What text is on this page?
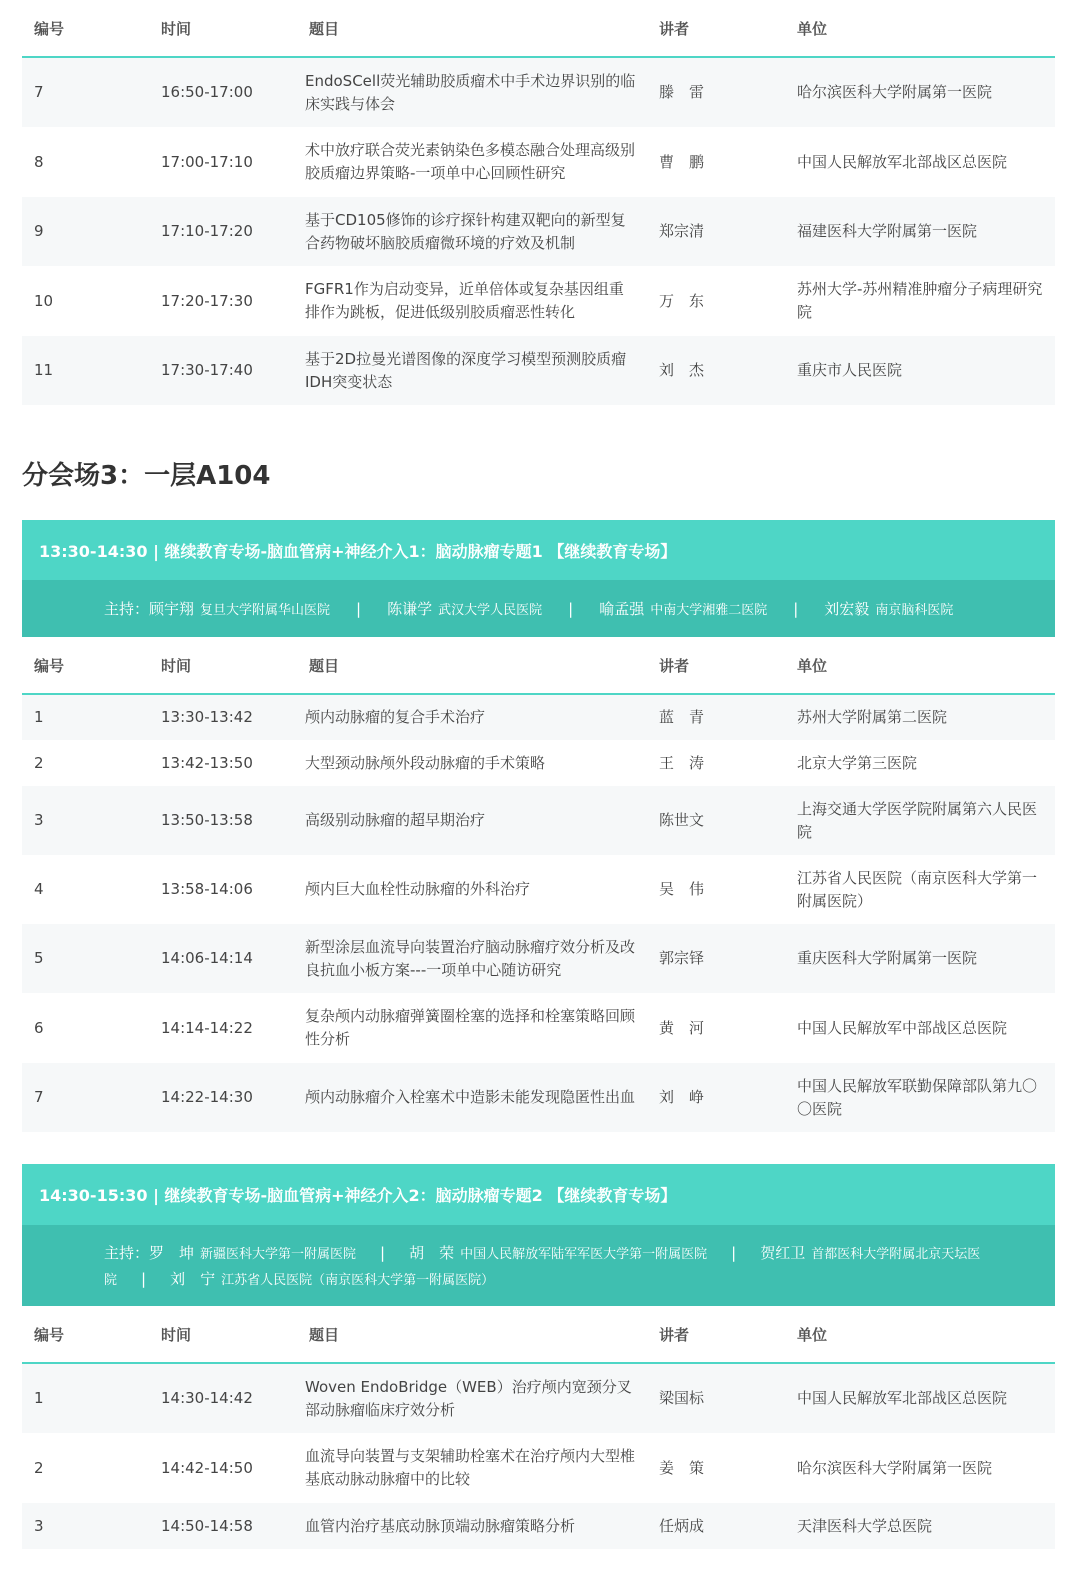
编号	时间	题目	讲者	单位
7	16:50-17:00	EndoSCell荧光辅助胶质瘤术中手术边界识别的临床实践与体会	滕　雷	哈尔滨医科大学附属第一医院
8	17:00-17:10	术中放疗联合荧光素钠染色多模态融合处理高级别胶质瘤边界策略-一项单中心回顾性研究	曹　鹏	中国人民解放军北部战区总医院
9	17:10-17:20	基于CD105修饰的诊疗探针构建双靶向的新型复合药物破坏脑胶质瘤微环境的疗效及机制	郑宗清	福建医科大学附属第一医院
10	17:20-17:30	FGFR1作为启动变异，近单倍体或复杂基因组重排作为跳板，促进低级别胶质瘤恶性转化	万　东	苏州大学-苏州精准肿瘤分子病理研究院
11	17:30-17:40	基于2D拉曼光谱图像的深度学习模型预测胶质瘤IDH突变状态	刘　杰	重庆市人民医院
分会场3：一层A104
13:30-14:30 | 继续教育专场-脑血管病+神经介入1：脑动脉瘤专题1 【继续教育专场】
主持： 顾宇翔 复旦大学附属华山医院 | 陈谦学 武汉大学人民医院 | 喻孟强 中南大学湘雅二医院 | 刘宏毅 南京脑科医院
编号	时间	题目	讲者	单位
1	13:30-13:42	颅内动脉瘤的复合手术治疗	蓝　青	苏州大学附属第二医院
2	13:42-13:50	大型颈动脉颅外段动脉瘤的手术策略	王　涛	北京大学第三医院
3	13:50-13:58	高级别动脉瘤的超早期治疗	陈世文	上海交通大学医学院附属第六人民医院
4	13:58-14:06	颅内巨大血栓性动脉瘤的外科治疗	吴　伟	江苏省人民医院（南京医科大学第一附属医院）
5	14:06-14:14	新型涂层血流导向装置治疗脑动脉瘤疗效分析及改良抗血小板方案---一项单中心随访研究	郭宗铎	重庆医科大学附属第一医院
6	14:14-14:22	复杂颅内动脉瘤弹簧圈栓塞的选择和栓塞策略回顾性分析	黄　河	中国人民解放军中部战区总医院
7	14:22-14:30	颅内动脉瘤介入栓塞术中造影未能发现隐匿性出血	刘　峥	中国人民解放军联勤保障部队第九〇〇医院
14:30-15:30 | 继续教育专场-脑血管病+神经介入2：脑动脉瘤专题2 【继续教育专场】
主持：罗　坤 新疆医科大学第一附属医院 | 胡　荣 中国人民解放军陆军军医大学第一附属医院 | 贺红卫 首都医科大学附属北京天坛医院 | 刘　宁 江苏省人民医院（南京医科大学第一附属医院）
编号	时间	题目	讲者	单位
1	14:30-14:42	Woven EndoBridge（WEB）治疗颅内宽颈分叉部动脉瘤临床疗效分析	梁国标	中国人民解放军北部战区总医院
2	14:42-14:50	血流导向装置与支架辅助栓塞术在治疗颅内大型椎基底动脉动脉瘤中的比较	姜　策	哈尔滨医科大学附属第一医院
3	14:50-14:58	血管内治疗基底动脉顶端动脉瘤策略分析	任炳成	天津医科大学总医院
